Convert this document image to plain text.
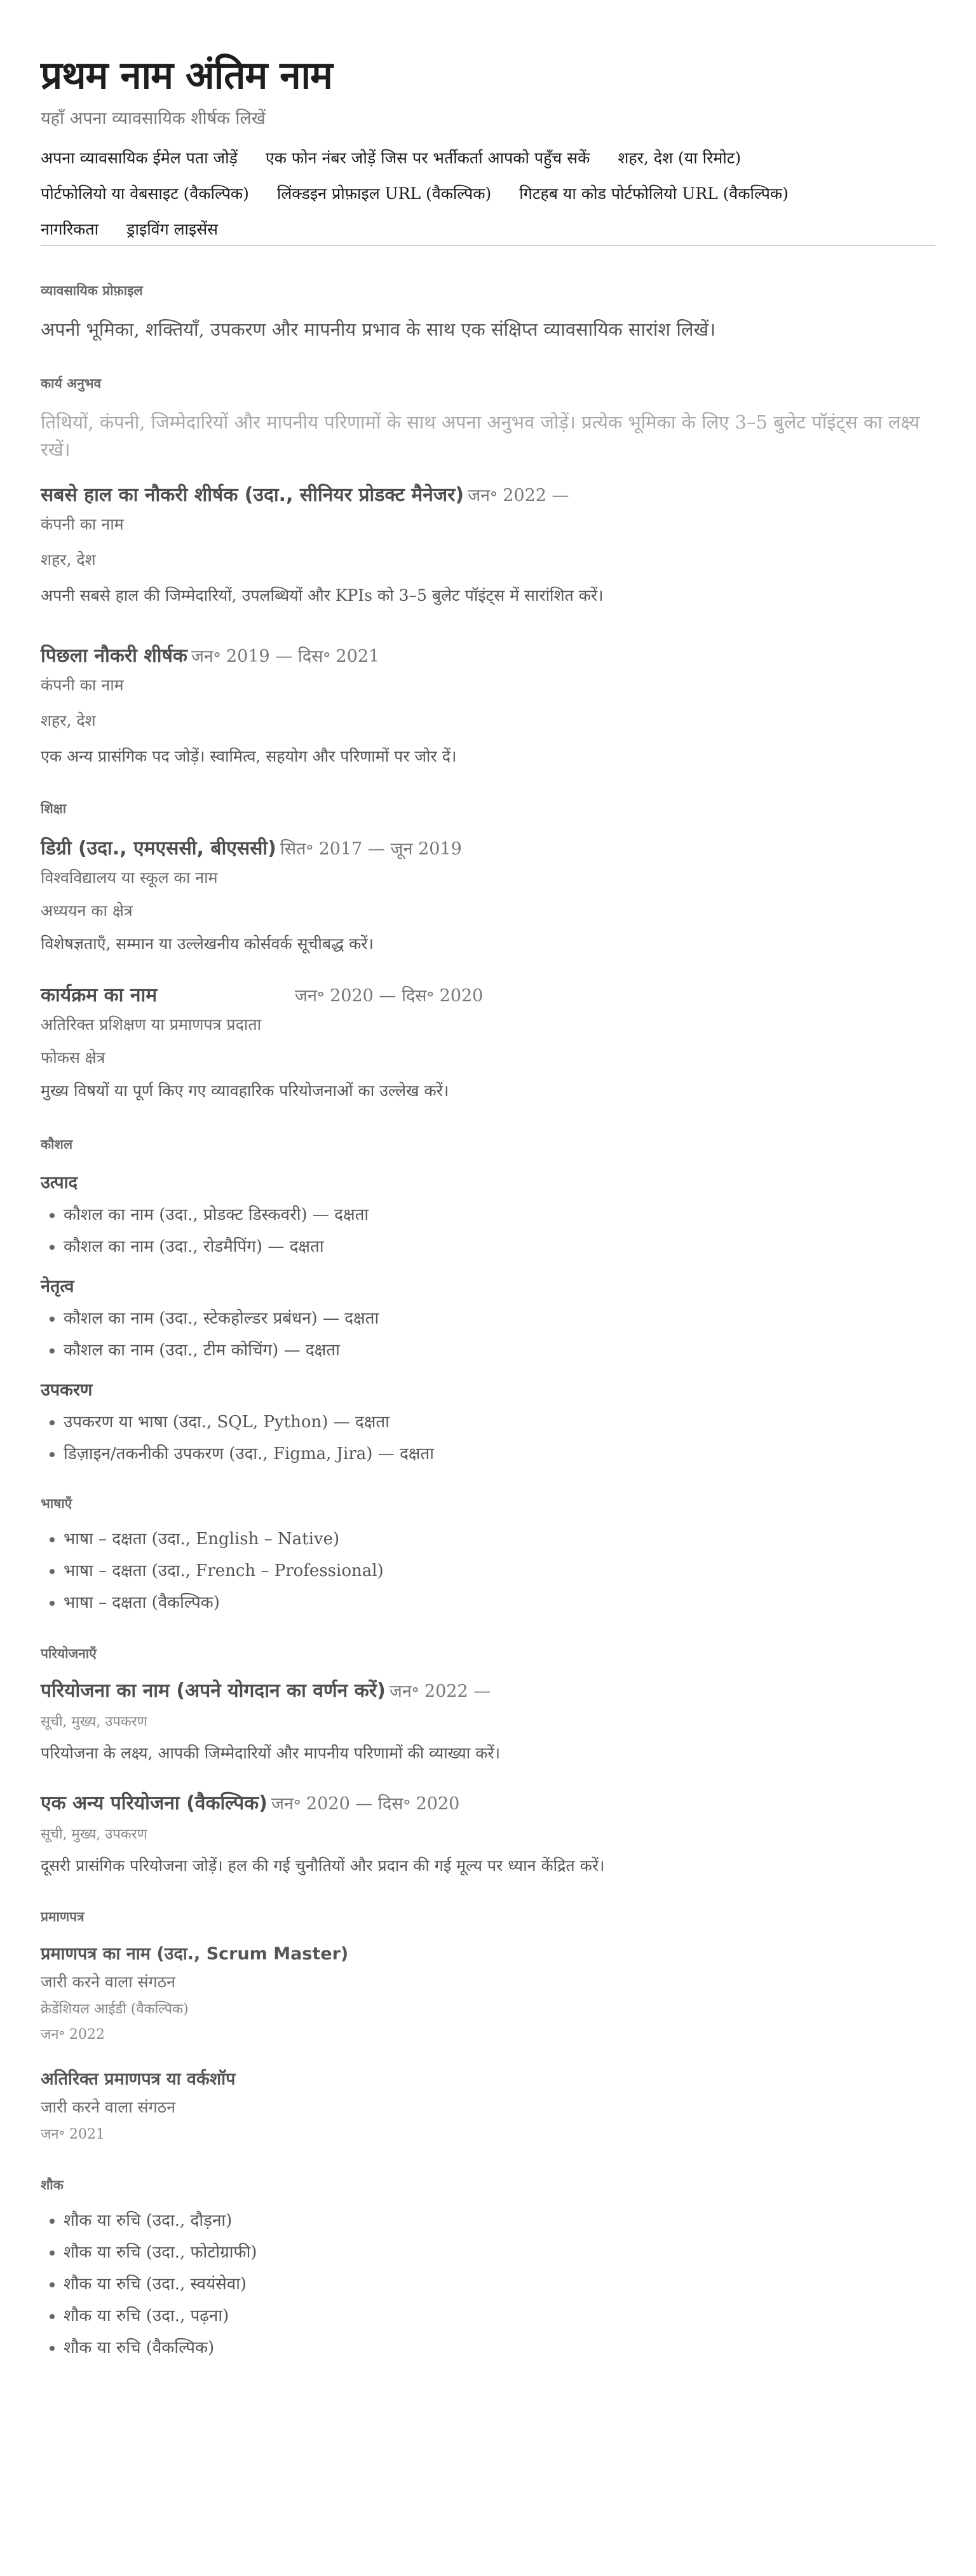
प्रथम नाम अंतिम नाम
यहाँ अपना व्यावसायिक शीर्षक लिखें
अपना व्यावसायिक ईमेल पता जोड़ें एक फोन नंबर जोड़ें जिस पर भर्तीकर्ता आपको पहुँच सकें शहर, देश (या रिमोट)
पोर्टफोलियो या वेबसाइट (वैकल्पिक) लिंक्डइन प्रोफ़ाइल URL (वैकल्पिक) गिटहब या कोड पोर्टफोलियो URL (वैकल्पिक)
नागरिकता ड्राइविंग लाइसेंस
व्यावसायिक प्रोफ़ाइल
अपनी भूमिका, शक्तियाँ, उपकरण और मापनीय प्रभाव के साथ एक संक्षिप्त व्यावसायिक सारांश लिखें।
कार्य अनुभव
तिथियों, कंपनी, जिम्मेदारियों और मापनीय परिणामों के साथ अपना अनुभव जोड़ें। प्रत्येक भूमिका के लिए 3–5 बुलेट पॉइंट्स का लक्ष्य रखें।
सबसे हाल का नौकरी शीर्षक (उदा., सीनियर प्रोडक्ट मैनेजर) जन॰ 2022 —
कंपनी का नाम
शहर, देश
अपनी सबसे हाल की जिम्मेदारियों, उपलब्धियों और KPIs को 3–5 बुलेट पॉइंट्स में सारांशित करें।
पिछला नौकरी शीर्षक जन॰ 2019 — दिस॰ 2021
कंपनी का नाम
शहर, देश
एक अन्य प्रासंगिक पद जोड़ें। स्वामित्व, सहयोग और परिणामों पर जोर दें।
शिक्षा
डिग्री (उदा., एमएससी, बीएससी) सित॰ 2017 — जून 2019
विश्वविद्यालय या स्कूल का नाम
अध्ययन का क्षेत्र
विशेषज्ञताएँ, सम्मान या उल्लेखनीय कोर्सवर्क सूचीबद्ध करें।
कार्यक्रम का नाम	जन॰ 2020 — दिस॰ 2020
अतिरिक्त प्रशिक्षण या प्रमाणपत्र प्रदाता
फोकस क्षेत्र
मुख्य विषयों या पूर्ण किए गए व्यावहारिक परियोजनाओं का उल्लेख करें।
कौशल
उत्पाद
• कौशल का नाम (उदा., प्रोडक्ट डिस्कवरी) — दक्षता
• कौशल का नाम (उदा., रोडमैपिंग) — दक्षता
नेतृत्व
• कौशल का नाम (उदा., स्टेकहोल्डर प्रबंधन) — दक्षता
• कौशल का नाम (उदा., टीम कोचिंग) — दक्षता
उपकरण
• उपकरण या भाषा (उदा., SQL, Python) — दक्षता
• डिज़ाइन/तकनीकी उपकरण (उदा., Figma, Jira) — दक्षता
भाषाएँ
• भाषा – दक्षता (उदा., English – Native)
• भाषा – दक्षता (उदा., French – Professional)
• भाषा – दक्षता (वैकल्पिक)
परियोजनाएँ
परियोजना का नाम (अपने योगदान का वर्णन करें) जन॰ 2022 —
सूची, मुख्य, उपकरण
परियोजना के लक्ष्य, आपकी जिम्मेदारियों और मापनीय परिणामों की व्याख्या करें।
एक अन्य परियोजना (वैकल्पिक) जन॰ 2020 — दिस॰ 2020
सूची, मुख्य, उपकरण
दूसरी प्रासंगिक परियोजना जोड़ें। हल की गई चुनौतियों और प्रदान की गई मूल्य पर ध्यान केंद्रित करें।
प्रमाणपत्र
प्रमाणपत्र का नाम (उदा., Scrum Master)
जारी करने वाला संगठन
क्रेडेंशियल आईडी (वैकल्पिक)
जन॰ 2022
अतिरिक्त प्रमाणपत्र या वर्कशॉप
जारी करने वाला संगठन
जन॰ 2021
शौक
• शौक या रुचि (उदा., दौड़ना)
• शौक या रुचि (उदा., फोटोग्राफी)
• शौक या रुचि (उदा., स्वयंसेवा)
• शौक या रुचि (उदा., पढ़ना)
• शौक या रुचि (वैकल्पिक)
